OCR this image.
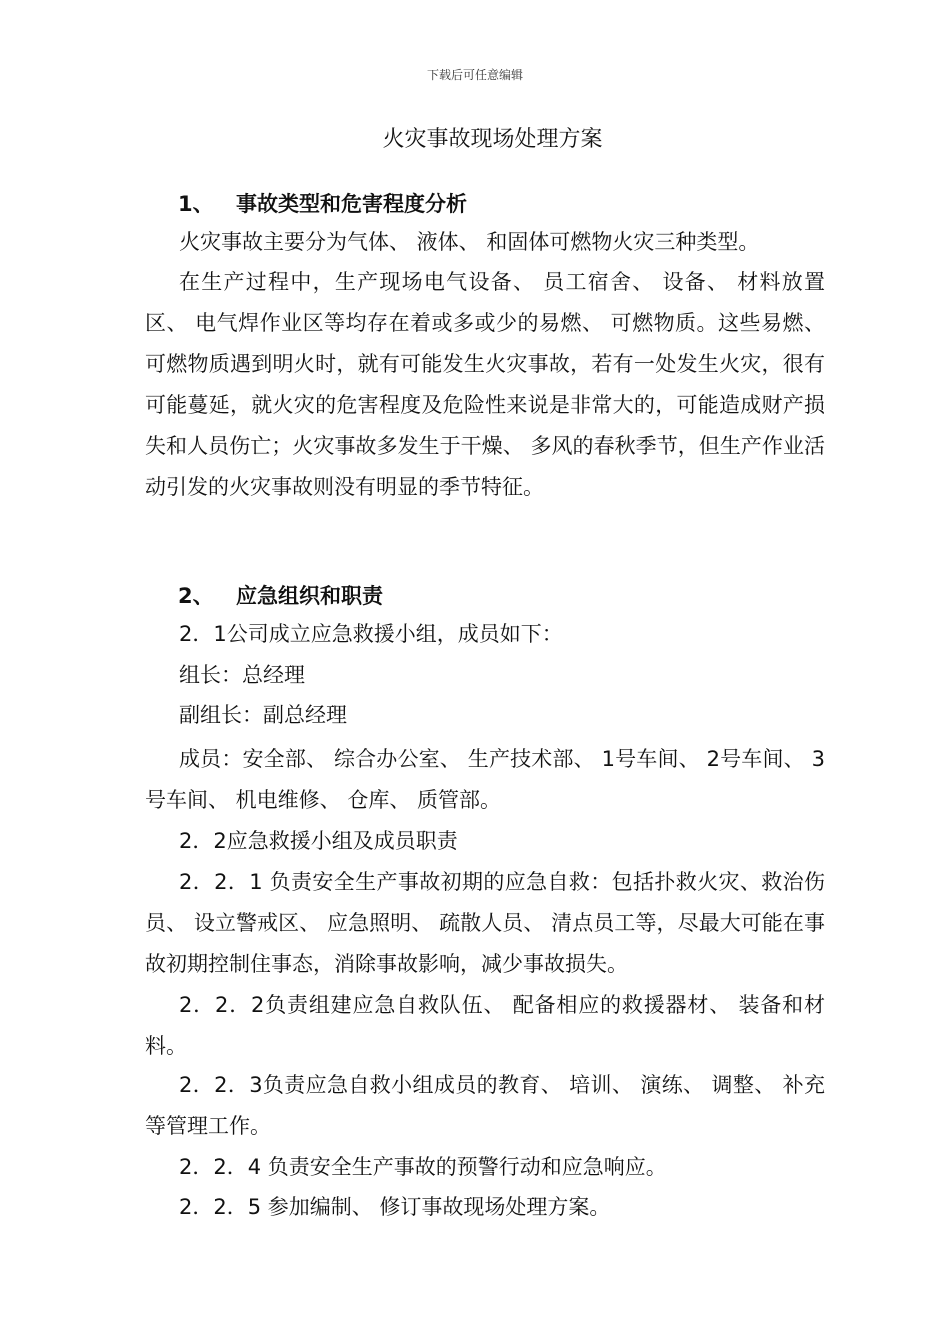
下载后可任意编辑
火灾事故现场处理方案
1、 事故类型和危害程度分析

火灾事故主要分为气体、 液体、 和固体可燃物火灾三种类型。

在生产过程中，生产现场电气设备、 员工宿舍、 设备、 材料放置区、 电气焊作业区等均存在着或多或少的易燃、 可燃物质。这些易燃、 可燃物质遇到明火时，就有可能发生火灾事故，若有一处发生火灾，很有可能蔓延，就火灾的危害程度及危险性来说是非常大的，可能造成财产损失和人员伤亡；火灾事故多发生于干燥、 多风的春秋季节，但生产作业活动引发的火灾事故则没有明显的季节特征。

2、 应急组织和职责

2．1公司成立应急救援小组，成员如下：

组长：总经理

副组长：副总经理

成员：安全部、 综合办公室、 生产技术部、 1号车间、 2号车间、 3号车间、 机电维修、 仓库、 质管部。

2．2应急救援小组及成员职责

2．2．1 负责安全生产事故初期的应急自救：包括扑救火灾、救治伤员、 设立警戒区、 应急照明、 疏散人员、 清点员工等，尽最大可能在事故初期控制住事态，消除事故影响，减少事故损失。

2．2．2负责组建应急自救队伍、 配备相应的救援器材、 装备和材料。

2．2．3负责应急自救小组成员的教育、 培训、 演练、 调整、 补充等管理工作。

2．2．4 负责安全生产事故的预警行动和应急响应。

2．2．5 参加编制、 修订事故现场处理方案。
